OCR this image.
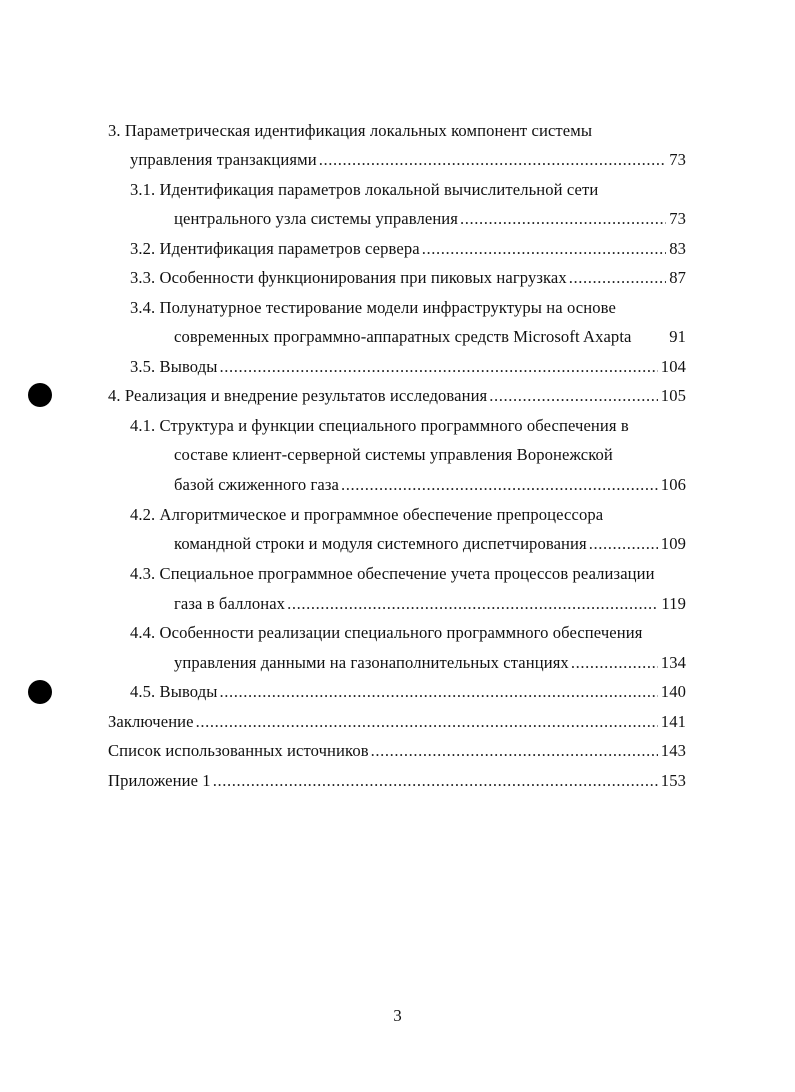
3. Параметрическая идентификация локальных компонент системы
управления транзакциями .....	73
3.1. Идентификация параметров локальной вычислительной сети
центрального узла системы управления .....	73
3.2. Идентификация параметров сервера .....	83
3.3. Особенности функционирования при пиковых нагрузках .....	87
3.4. Полунатурное тестирование модели инфраструктуры на основе
современных программно-аппаратных средств Microsoft Axapta 91
3.5. Выводы .....	104
4. Реализация и внедрение результатов исследования .....	105
4.1. Структура и функции специального программного обеспечения в
составе клиент-серверной системы управления Воронежской
базой сжиженного газа .....	106
4.2. Алгоритмическое и программное обеспечение препроцессора
командной строки и модуля системного диспетчирования .....	109
4.3. Специальное программное обеспечение учета процессов реализации
газа в баллонах .....	119
4.4. Особенности реализации специального программного обеспечения
управления данными на газонаполнительных станциях .....	134
4.5. Выводы .....	140
Заключение .....	141
Список использованных источников .....	143
Приложение 1 .....	153
3
